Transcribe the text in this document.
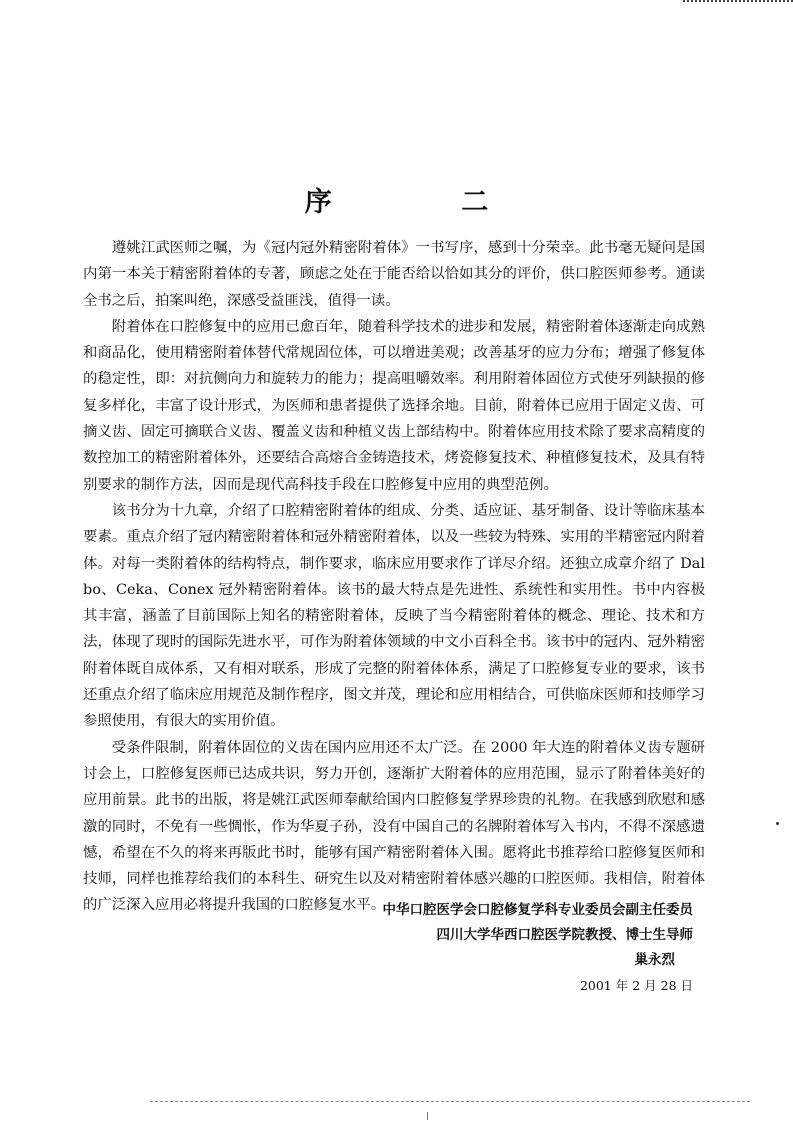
序 二

遵姚江武医师之嘱，为《冠内冠外精密附着体》一书写序，感到十分荣幸。此书毫无疑问是国内第一本关于精密附着体的专著，顾虑之处在于能否给以恰如其分的评价，供口腔医师参考。通读全书之后，拍案叫绝，深感受益匪浅，值得一读。

附着体在口腔修复中的应用已愈百年，随着科学技术的进步和发展，精密附着体逐渐走向成熟和商品化，使用精密附着体替代常规固位体，可以增进美观；改善基牙的应力分布；增强了修复体的稳定性，即：对抗侧向力和旋转力的能力；提高咀嚼效率。利用附着体固位方式使牙列缺损的修复多样化，丰富了设计形式，为医师和患者提供了选择余地。目前，附着体已应用于固定义齿、可摘义齿、固定可摘联合义齿、覆盖义齿和种植义齿上部结构中。附着体应用技术除了要求高精度的数控加工的精密附着体外，还要结合高熔合金铸造技术，烤瓷修复技术、种植修复技术，及具有特别要求的制作方法，因而是现代高科技手段在口腔修复中应用的典型范例。

该书分为十九章，介绍了口腔精密附着体的组成、分类、适应证、基牙制备、设计等临床基本要素。重点介绍了冠内精密附着体和冠外精密附着体，以及一些较为特殊、实用的半精密冠内附着体。对每一类附着体的结构特点，制作要求，临床应用要求作了详尽介绍。还独立成章介绍了 Dalbo、Ceka、Conex 冠外精密附着体。该书的最大特点是先进性、系统性和实用性。书中内容极其丰富，涵盖了目前国际上知名的精密附着体，反映了当今精密附着体的概念、理论、技术和方法，体现了现时的国际先进水平，可作为附着体领域的中文小百科全书。该书中的冠内、冠外精密附着体既自成体系，又有相对联系，形成了完整的附着体体系，满足了口腔修复专业的要求，该书还重点介绍了临床应用规范及制作程序，图文并茂，理论和应用相结合，可供临床医师和技师学习参照使用，有很大的实用价值。

受条件限制，附着体固位的义齿在国内应用还不太广泛。在 2000 年大连的附着体义齿专题研讨会上，口腔修复医师已达成共识，努力开创，逐渐扩大附着体的应用范围，显示了附着体美好的应用前景。此书的出版，将是姚江武医师奉献给国内口腔修复学界珍贵的礼物。在我感到欣慰和感激的同时，不免有一些惆怅，作为华夏子孙，没有中国自己的名牌附着体写入书内，不得不深感遗憾，希望在不久的将来再版此书时，能够有国产精密附着体入围。愿将此书推荐给口腔修复医师和技师，同样也推荐给我们的本科生、研究生以及对精密附着体感兴趣的口腔医师。我相信，附着体的广泛深入应用必将提升我国的口腔修复水平。

中华口腔医学会口腔修复学科专业委员会副主任委员
四川大学华西口腔医学院教授、博士生导师
巢永烈
2001 年 2 月 28 日
